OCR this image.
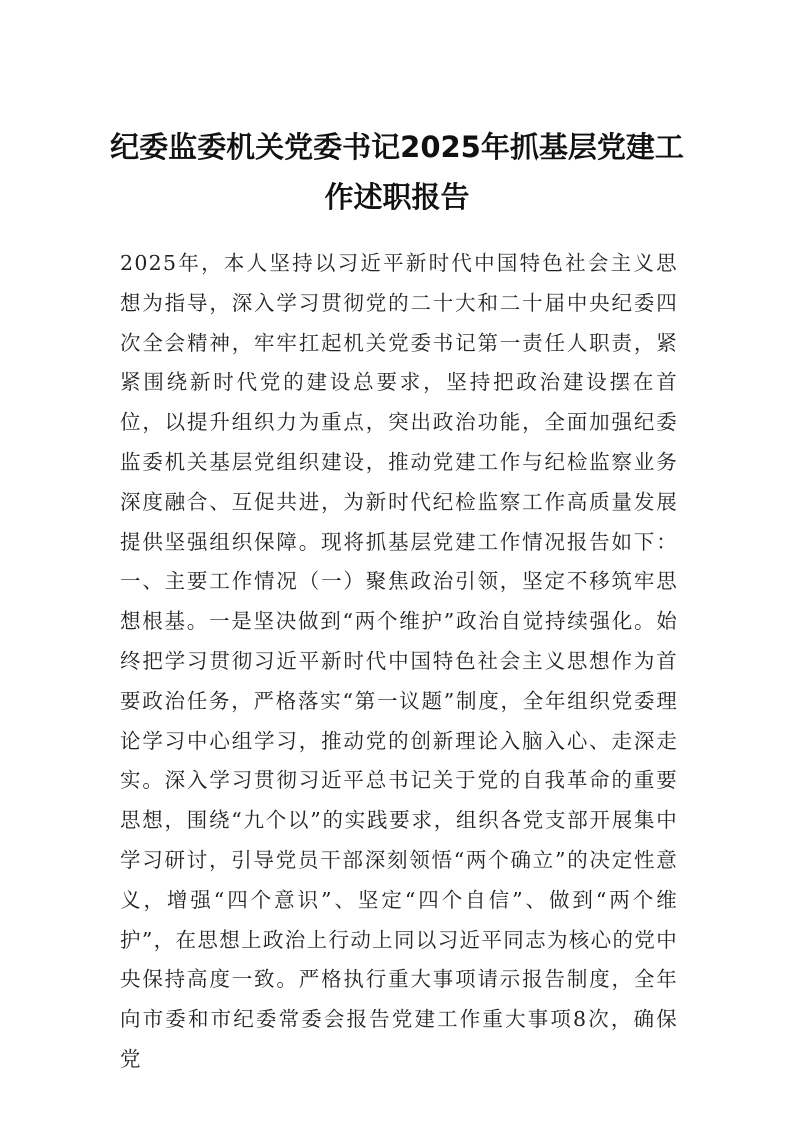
纪委监委机关党委书记2025年抓基层党建工作述职报告

2025年，本人坚持以习近平新时代中国特色社会主义思想为指导，深入学习贯彻党的二十大和二十届中央纪委四次全会精神，牢牢扛起机关党委书记第一责任人职责，紧紧围绕新时代党的建设总要求，坚持把政治建设摆在首位，以提升组织力为重点，突出政治功能，全面加强纪委监委机关基层党组织建设，推动党建工作与纪检监察业务深度融合、互促共进，为新时代纪检监察工作高质量发展提供坚强组织保障。现将抓基层党建工作情况报告如下：一、主要工作情况（一）聚焦政治引领，坚定不移筑牢思想根基。一是坚决做到“两个维护”政治自觉持续强化。始终把学习贯彻习近平新时代中国特色社会主义思想作为首要政治任务，严格落实“第一议题”制度，全年组织党委理论学习中心组学习，推动党的创新理论入脑入心、走深走实。深入学习贯彻习近平总书记关于党的自我革命的重要思想，围绕“九个以”的实践要求，组织各党支部开展集中学习研讨，引导党员干部深刻领悟“两个确立”的决定性意义，增强“四个意识”、坚定“四个自信”、做到“两个维护”，在思想上政治上行动上同以习近平同志为核心的党中央保持高度一致。严格执行重大事项请示报告制度，全年向市委和市纪委常委会报告党建工作重大事项8次，确保党
